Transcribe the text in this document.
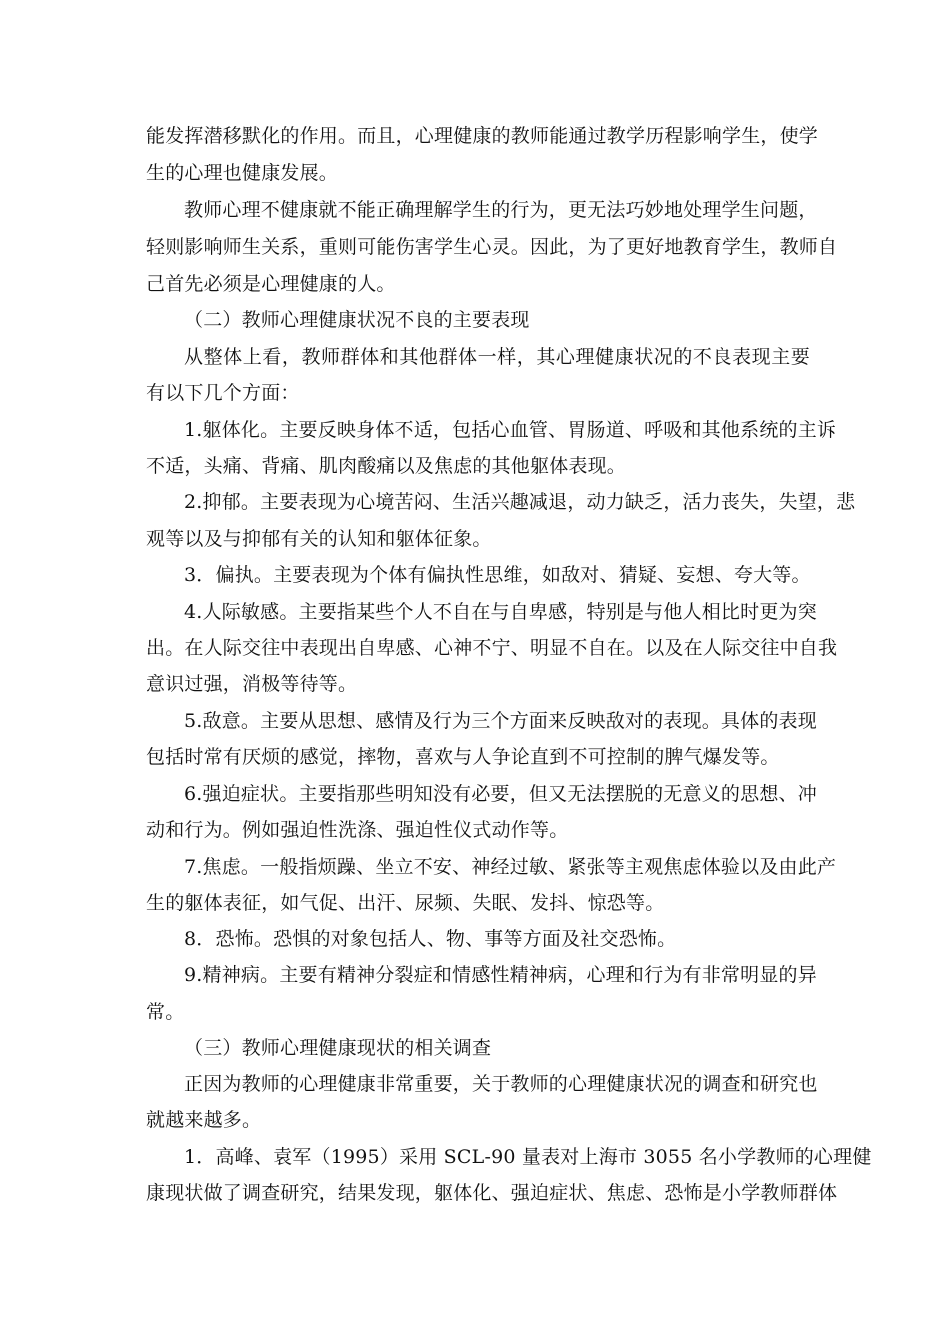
能发挥潜移默化的作用。而且，心理健康的教师能通过教学历程影响学生，使学
生的心理也健康发展。
教师心理不健康就不能正确理解学生的行为，更无法巧妙地处理学生问题，
轻则影响师生关系，重则可能伤害学生心灵。因此，为了更好地教育学生，教师自
己首先必须是心理健康的人。
（二）教师心理健康状况不良的主要表现
从整体上看，教师群体和其他群体一样，其心理健康状况的不良表现主要
有以下几个方面：
1.躯体化。主要反映身体不适，包括心血管、胃肠道、呼吸和其他系统的主诉
不适，头痛、背痛、肌肉酸痛以及焦虑的其他躯体表现。
2.抑郁。主要表现为心境苦闷、生活兴趣减退，动力缺乏，活力丧失，失望，悲
观等以及与抑郁有关的认知和躯体征象。
3．偏执。主要表现为个体有偏执性思维，如敌对、猜疑、妄想、夸大等。
4.人际敏感。主要指某些个人不自在与自卑感，特别是与他人相比时更为突
出。在人际交往中表现出自卑感、心神不宁、明显不自在。以及在人际交往中自我
意识过强，消极等待等。
5.敌意。主要从思想、感情及行为三个方面来反映敌对的表现。具体的表现
包括时常有厌烦的感觉，摔物，喜欢与人争论直到不可控制的脾气爆发等。
6.强迫症状。主要指那些明知没有必要，但又无法摆脱的无意义的思想、冲
动和行为。例如强迫性洗涤、强迫性仪式动作等。
7.焦虑。一般指烦躁、坐立不安、神经过敏、紧张等主观焦虑体验以及由此产
生的躯体表征，如气促、出汗、尿频、失眠、发抖、惊恐等。
8．恐怖。恐惧的对象包括人、物、事等方面及社交恐怖。
9.精神病。主要有精神分裂症和情感性精神病，心理和行为有非常明显的异
常。
（三）教师心理健康现状的相关调查
正因为教师的心理健康非常重要，关于教师的心理健康状况的调查和研究也
就越来越多。
1．高峰、袁军（1995）采用 SCL-90 量表对上海市 3055 名小学教师的心理健
康现状做了调查研究，结果发现，躯体化、强迫症状、焦虑、恐怖是小学教师群体
